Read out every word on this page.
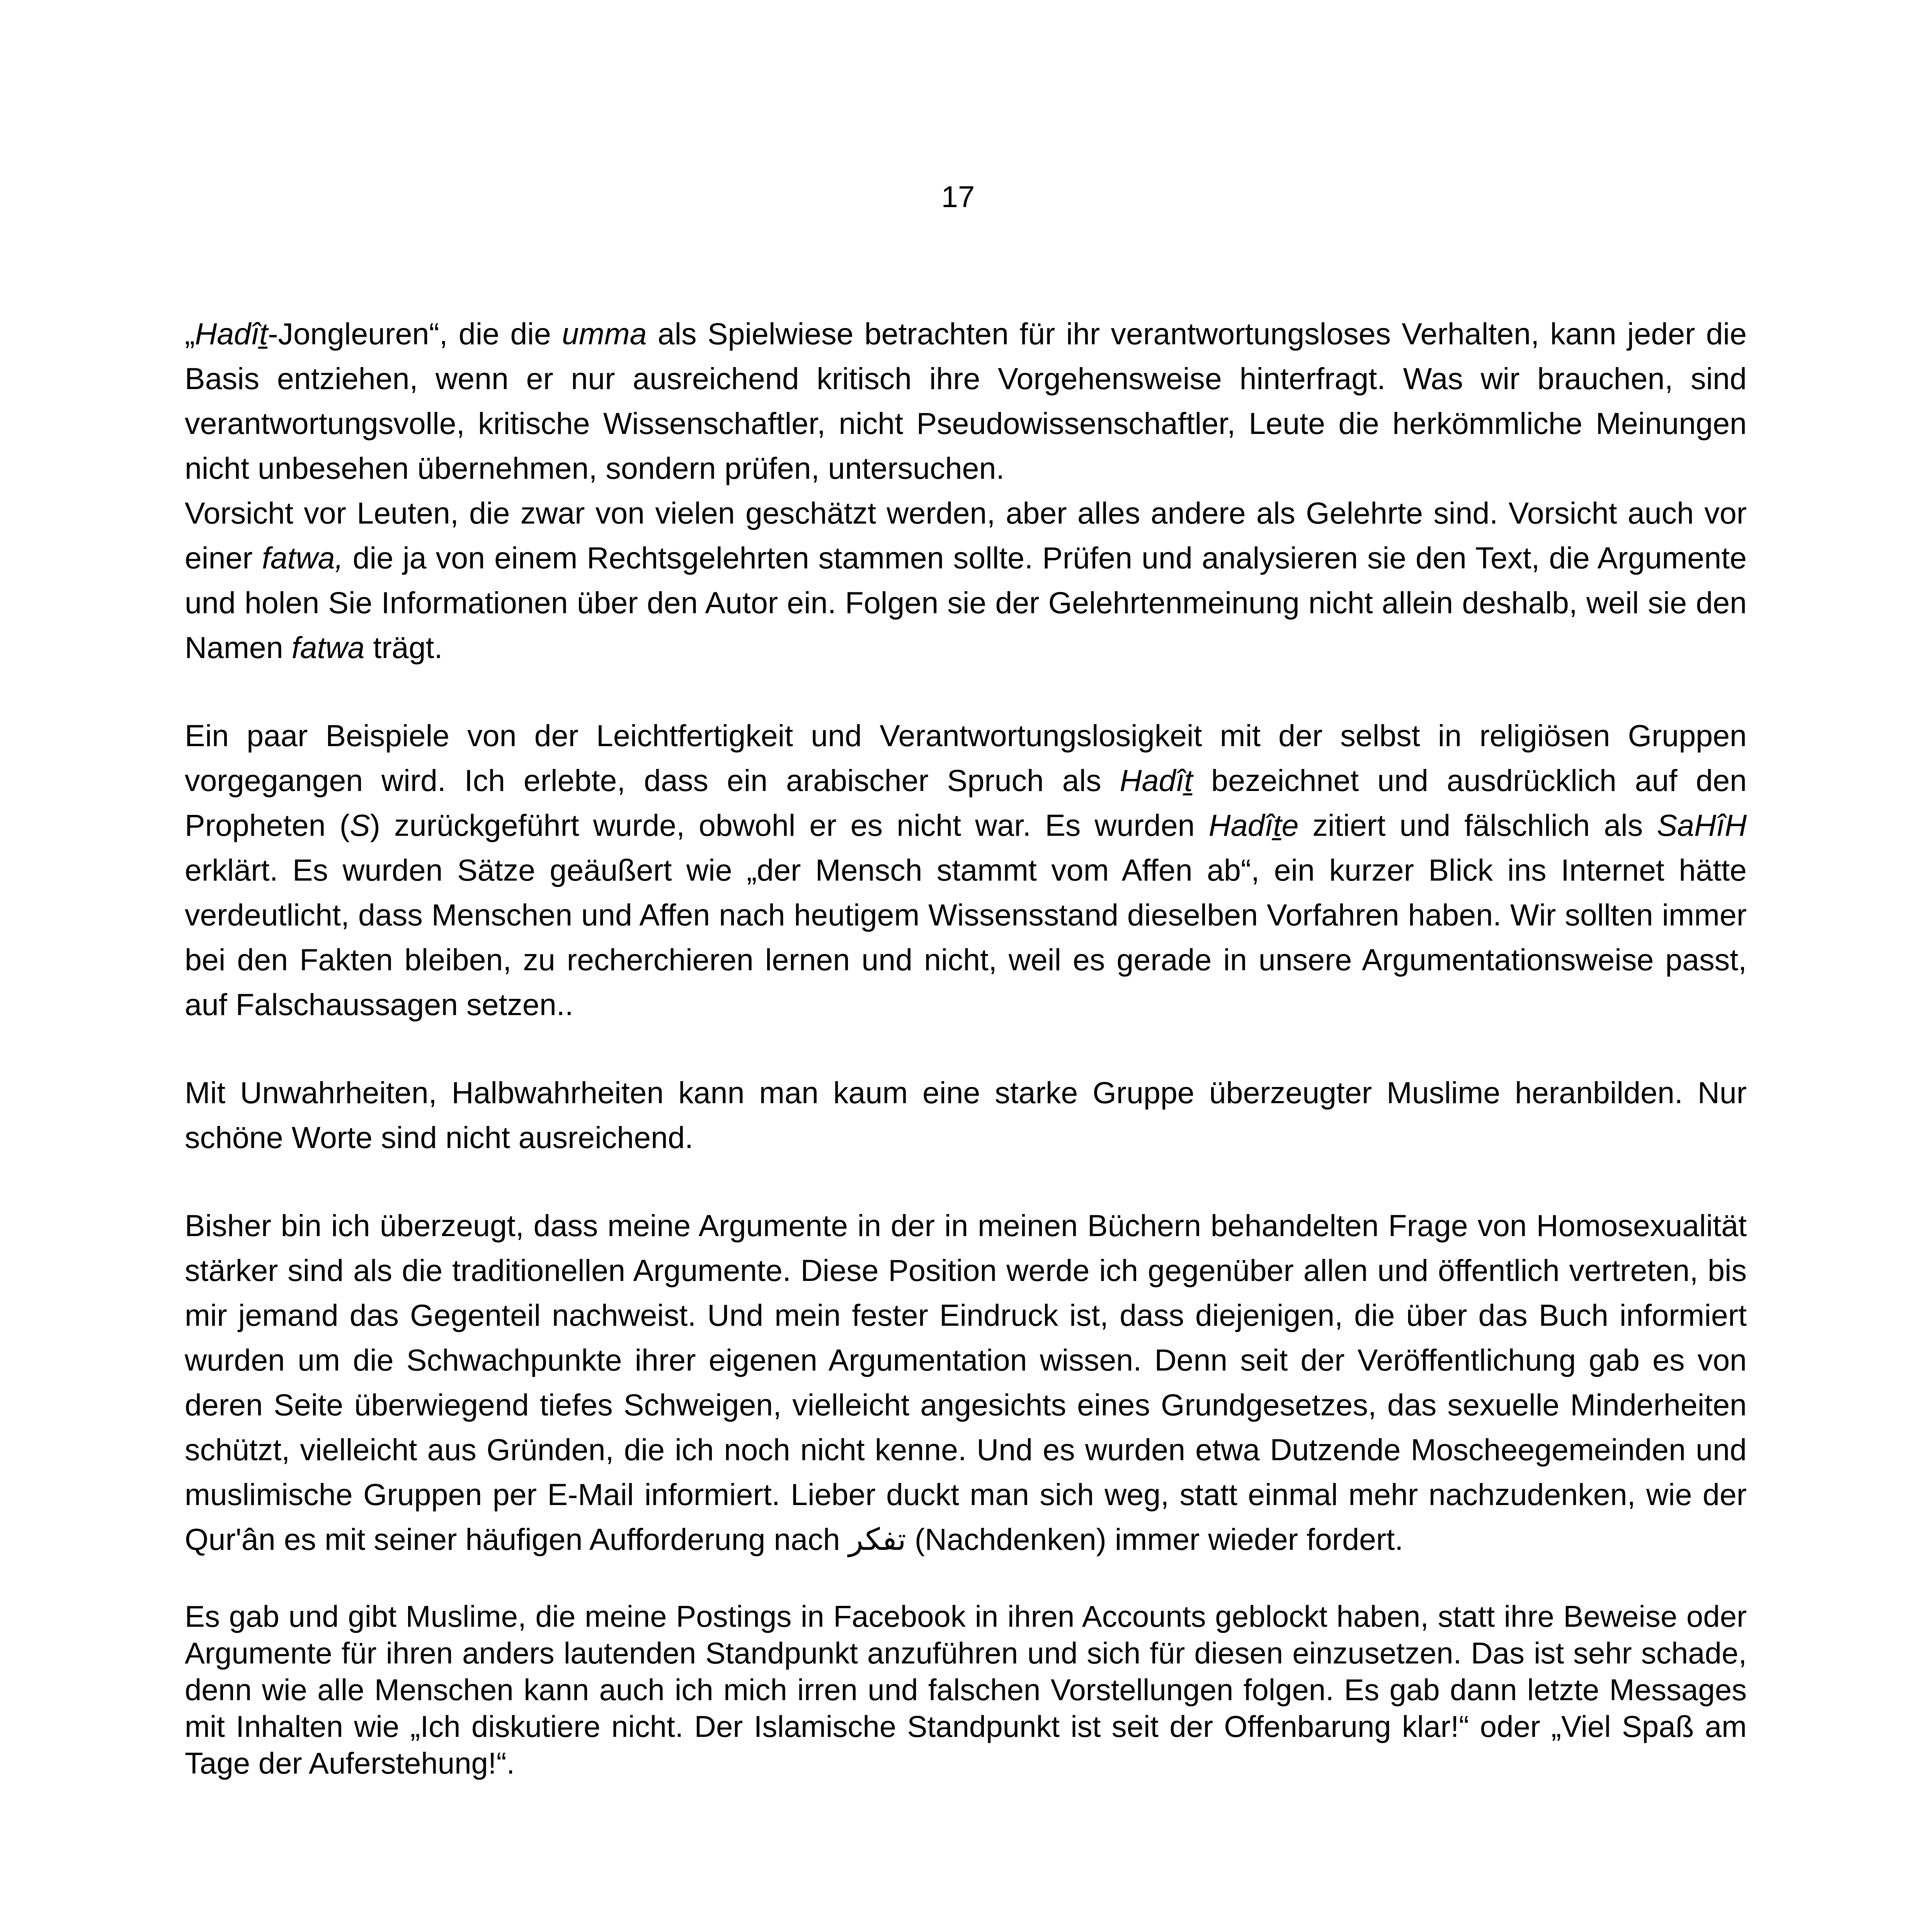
17

„Hadîṯ-Jongleuren“, die die umma als Spielwiese betrachten für ihr verantwortungsloses Verhalten, kann jeder die Basis entziehen, wenn er nur ausreichend kritisch ihre Vorgehensweise hinterfragt. Was wir brauchen, sind verantwortungsvolle, kritische Wissenschaftler, nicht Pseudowissenschaftler, Leute die herkömmliche Meinungen nicht unbesehen übernehmen, sondern prüfen, untersuchen.

Vorsicht vor Leuten, die zwar von vielen geschätzt werden, aber alles andere als Gelehrte sind. Vorsicht auch vor einer fatwa, die ja von einem Rechtsgelehrten stammen sollte. Prüfen und analysieren sie den Text, die Argumente und holen Sie Informationen über den Autor ein. Folgen sie der Gelehrtenmeinung nicht allein deshalb, weil sie den Namen fatwa trägt.

Ein paar Beispiele von der Leichtfertigkeit und Verantwortungslosigkeit mit der selbst in religiösen Gruppen vorgegangen wird. Ich erlebte, dass ein arabischer Spruch als Hadîṯ bezeichnet und ausdrücklich auf den Propheten (S) zurückgeführt wurde, obwohl er es nicht war. Es wurden Hadîṯe zitiert und fälschlich als SaHîH erklärt. Es wurden Sätze geäußert wie „der Mensch stammt vom Affen ab“, ein kurzer Blick ins Internet hätte verdeutlicht, dass Menschen und Affen nach heutigem Wissensstand dieselben Vorfahren haben. Wir sollten immer bei den Fakten bleiben, zu recherchieren lernen und nicht, weil es gerade in unsere Argumentationsweise passt, auf Falschaussagen setzen..

Mit Unwahrheiten, Halbwahrheiten kann man kaum eine starke Gruppe überzeugter Muslime heranbilden. Nur schöne Worte sind nicht ausreichend.

Bisher bin ich überzeugt, dass meine Argumente in der in meinen Büchern behandelten Frage von Homosexualität stärker sind als die traditionellen Argumente. Diese Position werde ich gegenüber allen und öffentlich vertreten, bis mir jemand das Gegenteil nachweist. Und mein fester Eindruck ist, dass diejenigen, die über das Buch informiert wurden um die Schwachpunkte ihrer eigenen Argumentation wissen. Denn seit der Veröffentlichung gab es von deren Seite überwiegend tiefes Schweigen, vielleicht angesichts eines Grundgesetzes, das sexuelle Minderheiten schützt, vielleicht aus Gründen, die ich noch nicht kenne. Und es wurden etwa Dutzende Moscheegemeinden und muslimische Gruppen per E-Mail informiert. Lieber duckt man sich weg, statt einmal mehr nachzudenken, wie der Qur'ân es mit seiner häufigen Aufforderung nach تفكر (Nachdenken) immer wieder fordert.

Es gab und gibt Muslime, die meine Postings in Facebook in ihren Accounts geblockt haben, statt ihre Beweise oder Argumente für ihren anders lautenden Standpunkt anzuführen und sich für diesen einzusetzen. Das ist sehr schade, denn wie alle Menschen kann auch ich mich irren und falschen Vorstellungen folgen. Es gab dann letzte Messages mit Inhalten wie „Ich diskutiere nicht. Der Islamische Standpunkt ist seit der Offenbarung klar!“ oder „Viel Spaß am Tage der Auferstehung!“.
